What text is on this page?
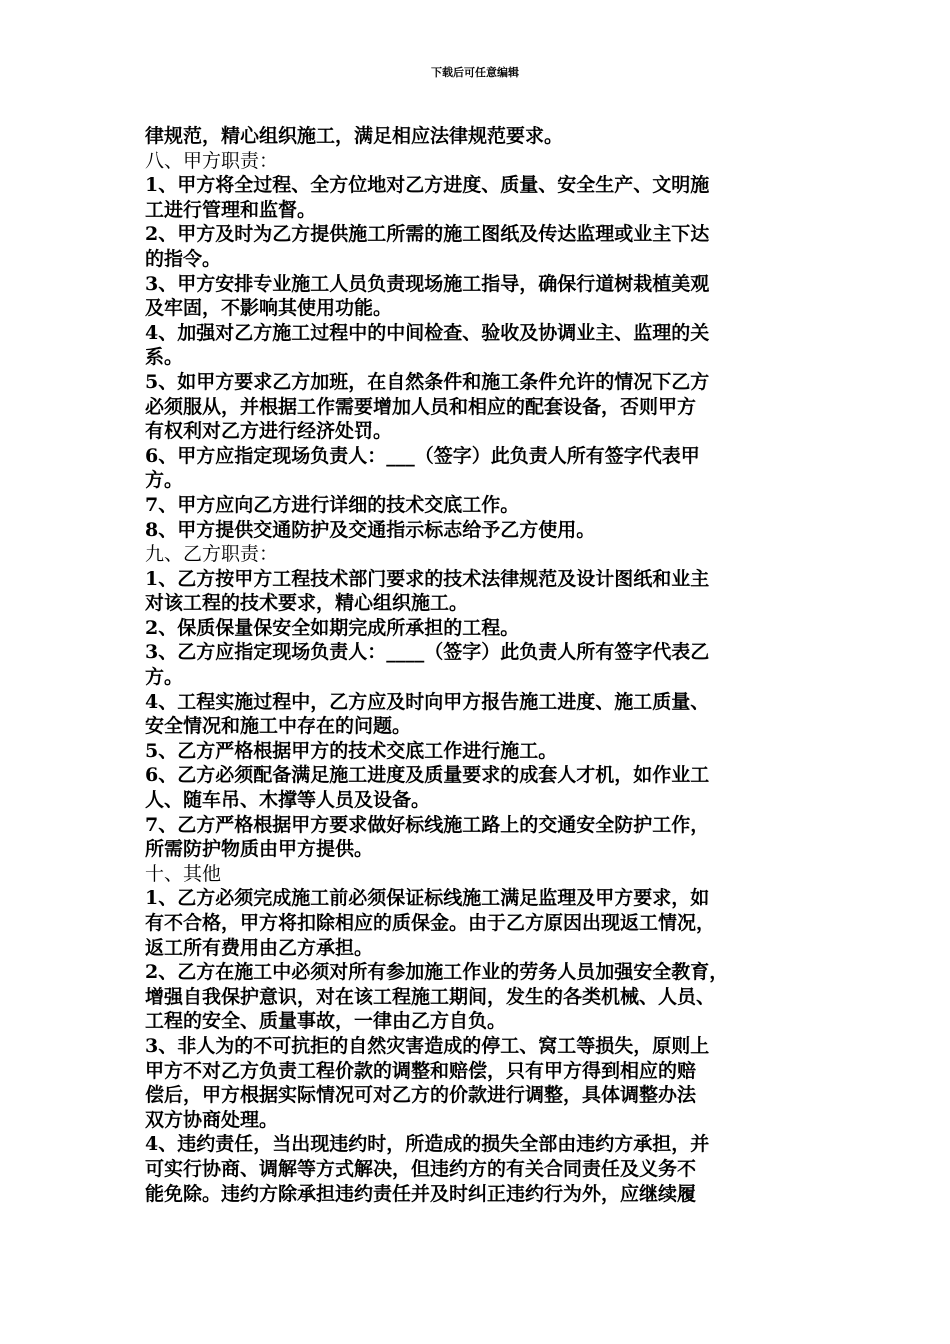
下载后可任意编辑
律规范，精心组织施工，满足相应法律规范要求。
八、甲方职责：
1、甲方将全过程、全方位地对乙方进度、质量、安全生产、文明施
工进行管理和监督。
2、甲方及时为乙方提供施工所需的施工图纸及传达监理或业主下达
的指令。
3、甲方安排专业施工人员负责现场施工指导，确保行道树栽植美观
及牢固，不影响其使用功能。
4、加强对乙方施工过程中的中间检查、验收及协调业主、监理的关
系。
5、如甲方要求乙方加班，在自然条件和施工条件允许的情况下乙方
必须服从，并根据工作需要增加人员和相应的配套设备，否则甲方
有权利对乙方进行经济处罚。
6、甲方应指定现场负责人：___（签字）此负责人所有签字代表甲
方。
7、甲方应向乙方进行详细的技术交底工作。
8、甲方提供交通防护及交通指示标志给予乙方使用。
九、乙方职责：
1、乙方按甲方工程技术部门要求的技术法律规范及设计图纸和业主
对该工程的技术要求，精心组织施工。
2、保质保量保安全如期完成所承担的工程。
3、乙方应指定现场负责人：____（签字）此负责人所有签字代表乙
方。
4、工程实施过程中，乙方应及时向甲方报告施工进度、施工质量、
安全情况和施工中存在的问题。
5、乙方严格根据甲方的技术交底工作进行施工。
6、乙方必须配备满足施工进度及质量要求的成套人才机，如作业工
人、随车吊、木撑等人员及设备。
7、乙方严格根据甲方要求做好标线施工路上的交通安全防护工作，
所需防护物质由甲方提供。
十、其他
1、乙方必须完成施工前必须保证标线施工满足监理及甲方要求，如
有不合格，甲方将扣除相应的质保金。由于乙方原因出现返工情况，
返工所有费用由乙方承担。
2、乙方在施工中必须对所有参加施工作业的劳务人员加强安全教育，
增强自我保护意识，对在该工程施工期间，发生的各类机械、人员、
工程的安全、质量事故，一律由乙方自负。
3、非人为的不可抗拒的自然灾害造成的停工、窝工等损失，原则上
甲方不对乙方负责工程价款的调整和赔偿，只有甲方得到相应的赔
偿后，甲方根据实际情况可对乙方的价款进行调整，具体调整办法
双方协商处理。
4、违约责任，当出现违约时，所造成的损失全部由违约方承担，并
可实行协商、调解等方式解决，但违约方的有关合同责任及义务不
能免除。违约方除承担违约责任并及时纠正违约行为外，应继续履
